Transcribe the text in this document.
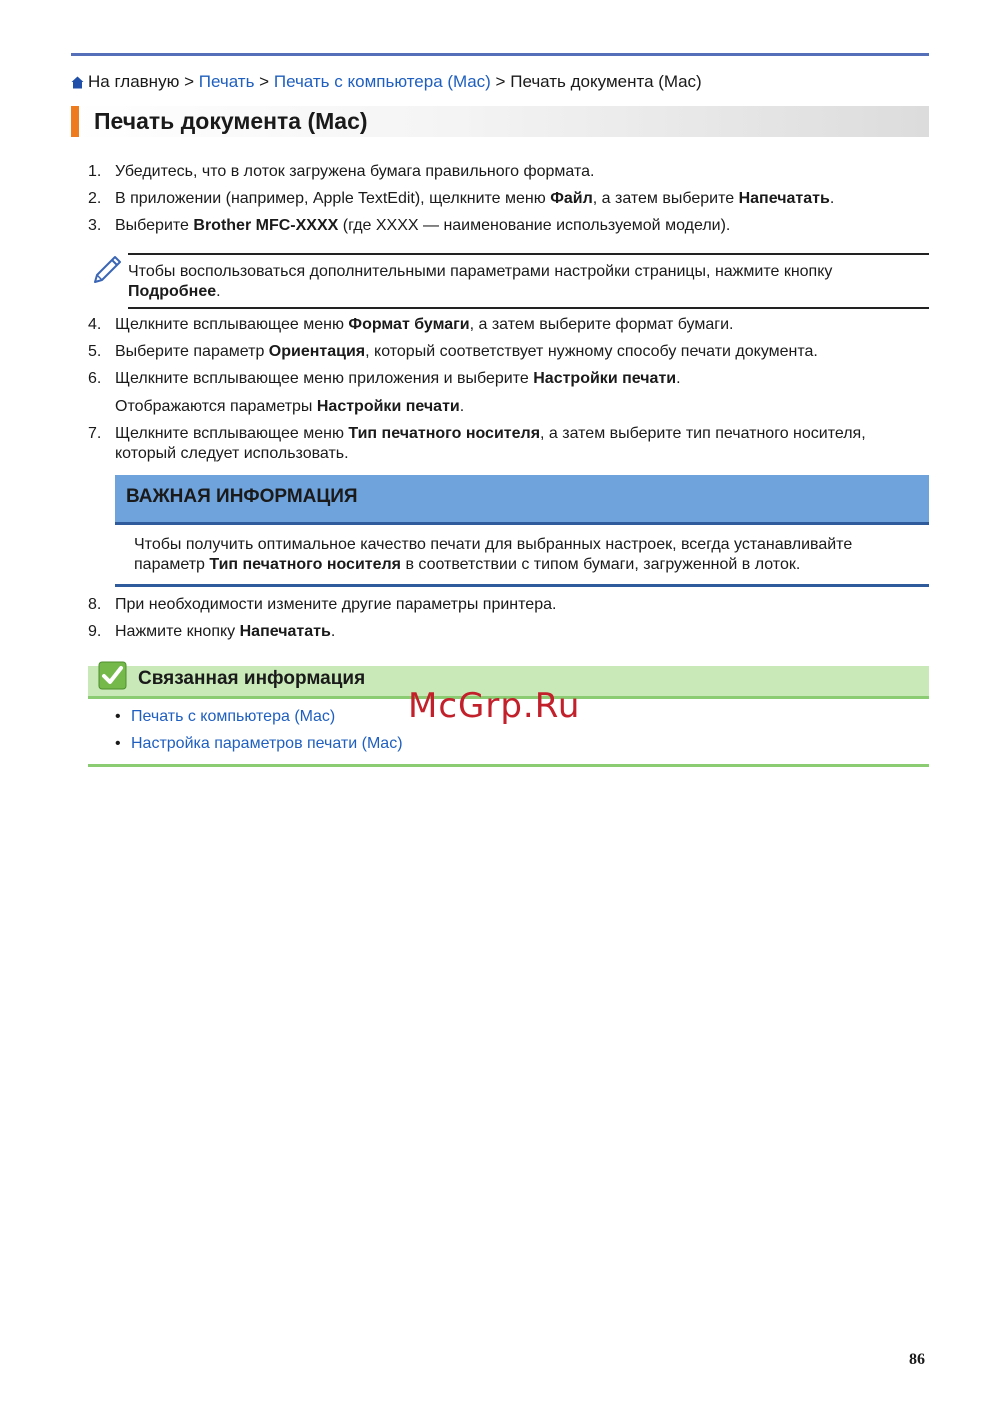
На главную > Печать > Печать с компьютера (Mac) > Печать документа (Mac)
Печать документа (Mac)
1. Убедитесь, что в лоток загружена бумага правильного формата.
2. В приложении (например, Apple TextEdit), щелкните меню Файл, а затем выберите Напечатать.
3. Выберите Brother MFC-XXXX (где XXXX — наименование используемой модели).
Чтобы воспользоваться дополнительными параметрами настройки страницы, нажмите кнопку Подробнее.
4. Щелкните всплывающее меню Формат бумаги, а затем выберите формат бумаги.
5. Выберите параметр Ориентация, который соответствует нужному способу печати документа.
6. Щелкните всплывающее меню приложения и выберите Настройки печати.
Отображаются параметры Настройки печати.
7. Щелкните всплывающее меню Тип печатного носителя, а затем выберите тип печатного носителя, который следует использовать.
ВАЖНАЯ ИНФОРМАЦИЯ
Чтобы получить оптимальное качество печати для выбранных настроек, всегда устанавливайте параметр Тип печатного носителя в соответствии с типом бумаги, загруженной в лоток.
8. При необходимости измените другие параметры принтера.
9. Нажмите кнопку Напечатать.
Связанная информация
• Печать с компьютера (Mac)
• Настройка параметров печати (Mac)
McGrp.Ru
86
